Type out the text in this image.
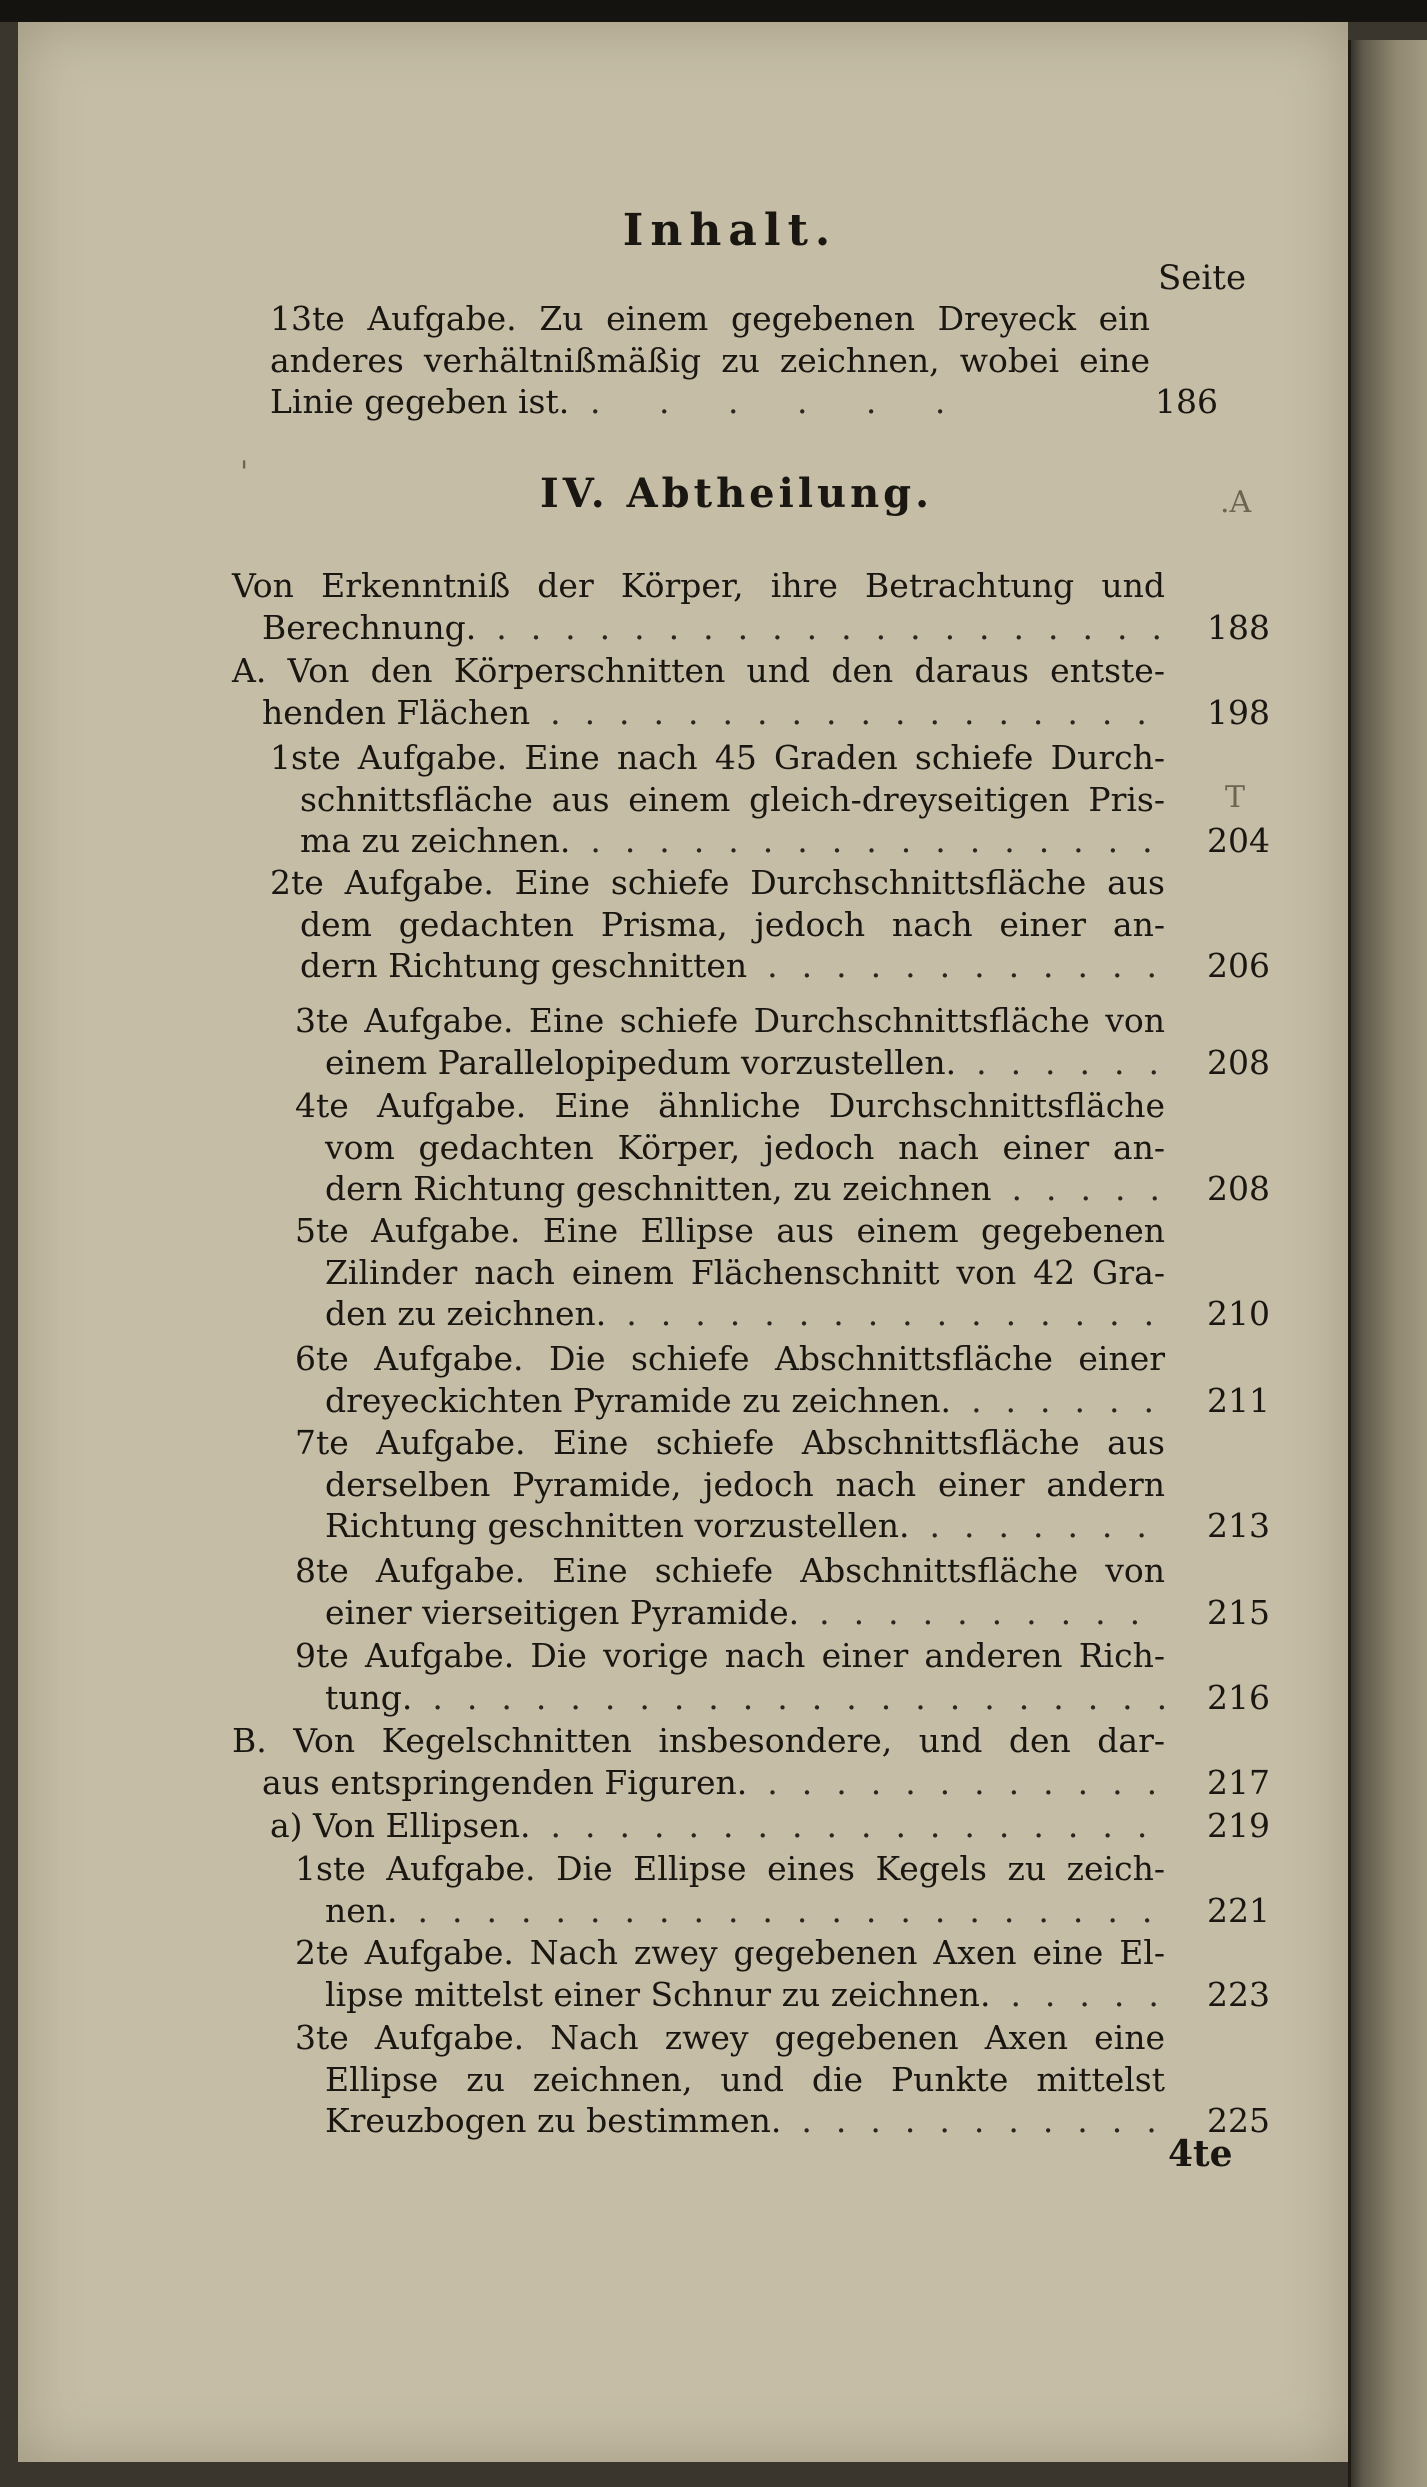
Inhalt.
Seite
13te Aufgabe. Zu einem gegebenen Dreyeck ein
anderes verhältnißmäßig zu zeichnen, wobei eine
Linie gegeben ist. . . . . . .	186
IV. Abtheilung.
Von Erkenntniß der Körper, ihre Betrachtung und
Berechnung. .................... 188
A. Von den Körperschnitten und den daraus entste-
henden Flächen .................. 198
1ste Aufgabe. Eine nach 45 Graden schiefe Durch-
schnittsfläche aus einem gleich-dreyseitigen Pris-
ma zu zeichnen. ................. 204
2te Aufgabe. Eine schiefe Durchschnittsfläche aus
dem gedachten Prisma, jedoch nach einer an-
dern Richtung geschnitten ............ 206
3te Aufgabe. Eine schiefe Durchschnittsfläche von
einem Parallelopipedum vorzustellen. ...... 208
4te Aufgabe. Eine ähnliche Durchschnittsfläche
vom gedachten Körper, jedoch nach einer an-
dern Richtung geschnitten, zu zeichnen ..... 208
5te Aufgabe. Eine Ellipse aus einem gegebenen
Zilinder nach einem Flächenschnitt von 42 Gra-
den zu zeichnen. ................ 210
6te Aufgabe. Die schiefe Abschnittsfläche einer
dreyeckichten Pyramide zu zeichnen. ...... 211
7te Aufgabe. Eine schiefe Abschnittsfläche aus
derselben Pyramide, jedoch nach einer andern
Richtung geschnitten vorzustellen. ....... 213
8te Aufgabe. Eine schiefe Abschnittsfläche von
einer vierseitigen Pyramide. .......... 215
9te Aufgabe. Die vorige nach einer anderen Rich-
tung. ...................... 216
B. Von Kegelschnitten insbesondere, und den dar-
aus entspringenden Figuren. ............ 217
a) Von Ellipsen. .................. 219
1ste Aufgabe. Die Ellipse eines Kegels zu zeich-
nen. ...................... 221
2te Aufgabe. Nach zwey gegebenen Axen eine El-
lipse mittelst einer Schnur zu zeichnen. ..... 223
3te Aufgabe. Nach zwey gegebenen Axen eine
Ellipse zu zeichnen, und die Punkte mittelst
Kreuzbogen zu bestimmen. ........... 225
4te
'
.A
T
